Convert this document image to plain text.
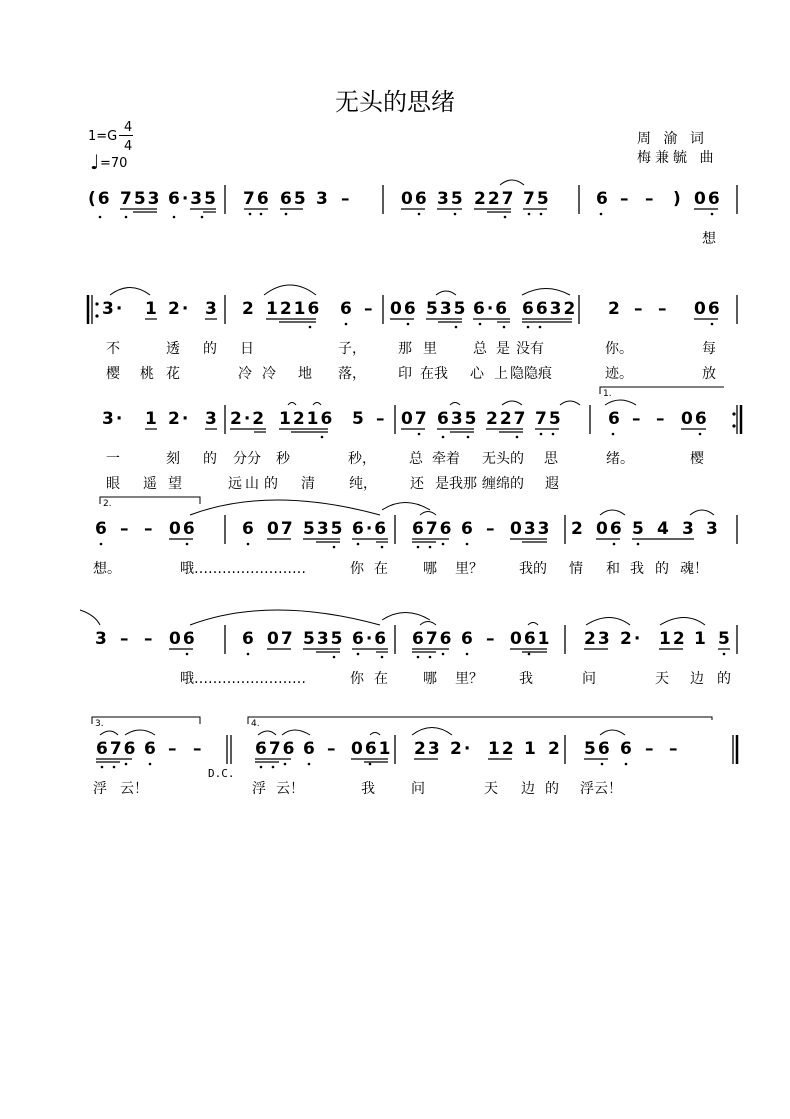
无头的思绪
1=G
4
4
♩ =70
周 渝 词
梅兼毓 曲
(6 753 6·35 76 65 3 –	06 35 227 75	6 – – ) 06
想
3· 1 2· 3 2 1216 6 – 06 535 6·6 6632 2 – – 06
不	透 的 日	子， 那 里	总 是 没有	你。	每
樱 桃 花	冷 冷 地 落， 印 在我 心 上 隐隐痕	迹。	放
1.
3· 1 2· 3 2·2 1216 5 – 07 635 227 75	6 – – 06
一	刻 的 分分 秒	秒， 总 牵着 无头的 思	绪。	樱
眼 遥 望	远 山 的 清 纯， 还 是我那 缠绵的 遐
2.
6 – – 06	6 07 535 6·6 676 6 – 033 2 06 5 4 3 3
想。	哦……………………	你 在	哪 里？	我的 情 和 我 的 魂！
3 – – 06	6 07 535 6·6 676 6 – 061 23 2· 12 1 5
哦……………………	你 在	哪 里？	我	问	天 边 的
3.	4.
676 6 – –	676 6 – 061 23 2· 12 1 2 56 6 – –
D.C.
浮 云！	浮 云！	我	问	天 边 的 浮云！
